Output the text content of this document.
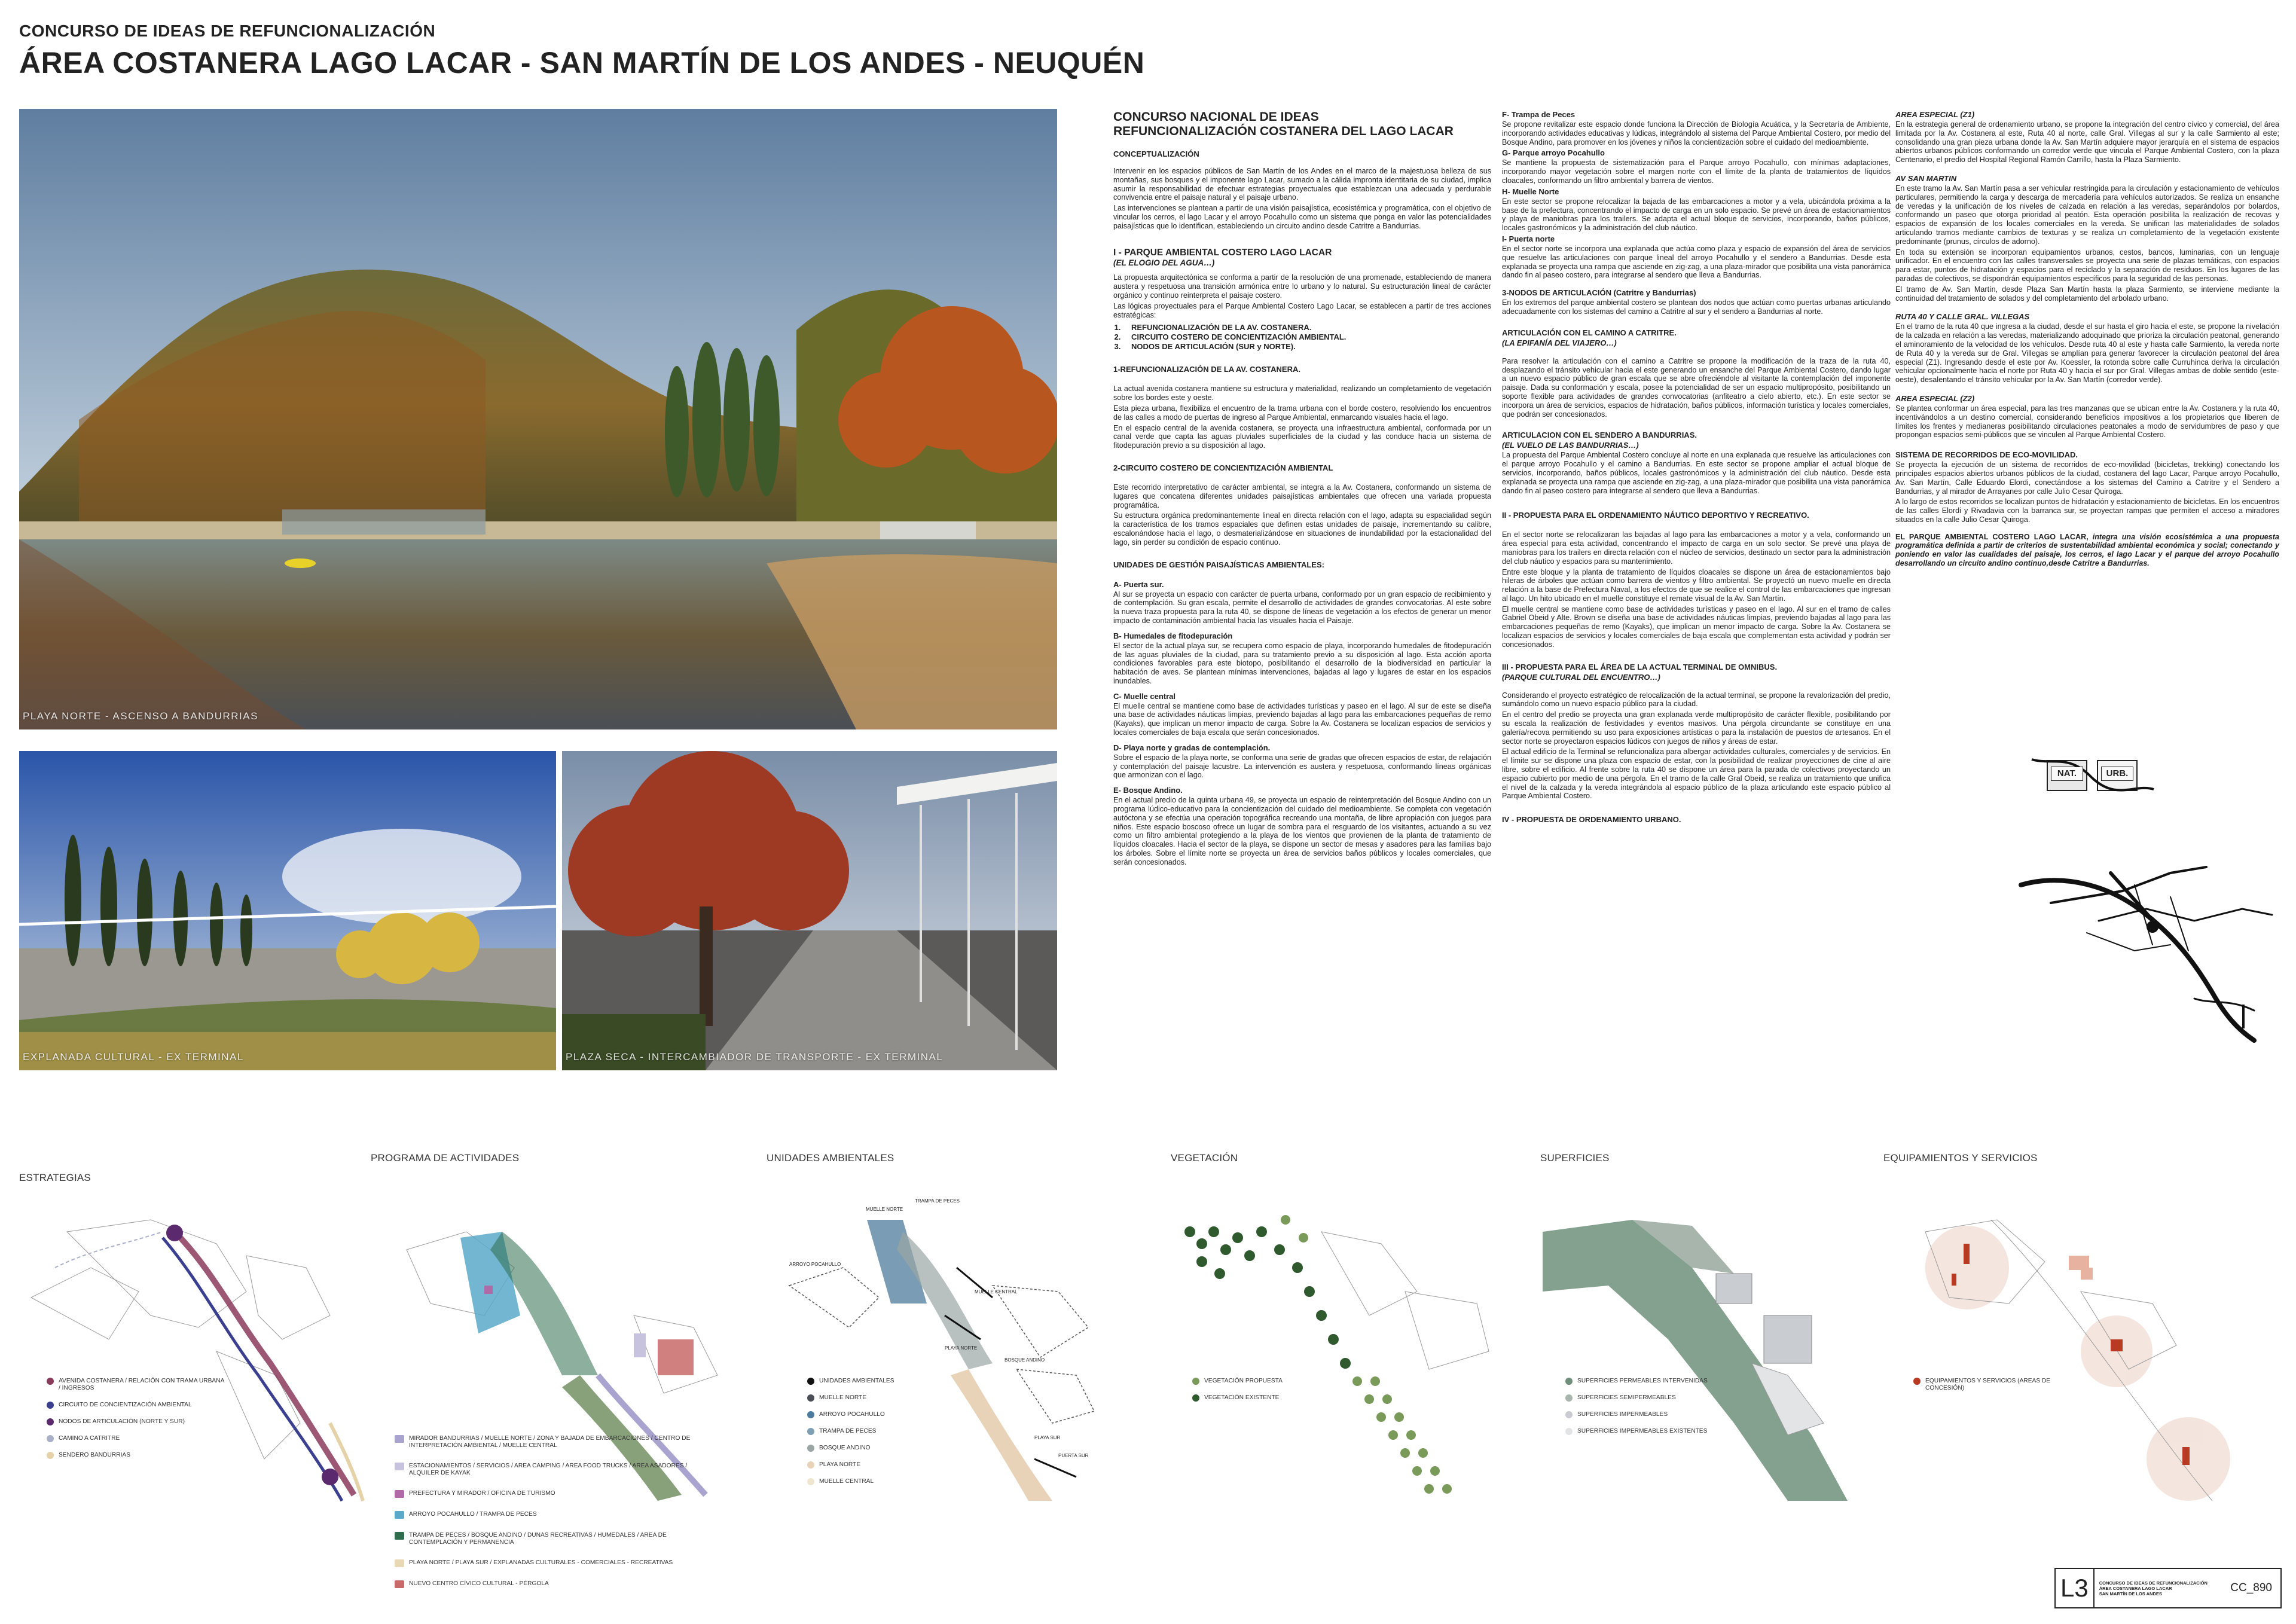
CONCURSO DE IDEAS DE REFUNCIONALIZACIÓN
ÁREA COSTANERA LAGO LACAR - SAN MARTÍN DE LOS ANDES - NEUQUÉN
PLAYA NORTE - ASCENSO A BANDURRIAS
EXPLANADA CULTURAL - EX TERMINAL	PLAZA SECA - INTERCAMBIADOR DE TRANSPORTE - EX TERMINAL
CONCURSO NACIONAL DE IDEAS
REFUNCIONALIZACIÓN COSTANERA DEL LAGO LACAR
CONCEPTUALIZACIÓN

Intervenir en los espacios públicos de San Martín de los Andes en el marco de la majestuosa belleza de sus montañas, sus bosques y el imponente lago Lacar, sumado a la cálida impronta identitaria de su ciudad, implica asumir la responsabilidad de efectuar estrategias proyectuales que establezcan una adecuada y perdurable convivencia entre el paisaje natural y el paisaje urbano.

Las intervenciones se plantean a partir de una visión paisajística, ecosistémica y programática, con el objetivo de vincular los cerros, el lago Lacar y el arroyo Pocahullo como un sistema que ponga en valor las potencialidades paisajísticas que lo identifican, estableciendo un circuito andino desde Catritre a Bandurrias.

I - PARQUE AMBIENTAL COSTERO LAGO LACAR
(EL ELOGIO DEL AGUA…)

La propuesta arquitectónica se conforma a partir de la resolución de una promenade, estableciendo de manera austera y respetuosa una transición armónica entre lo urbano y lo natural. Su estructuración lineal de carácter orgánico y continuo reinterpreta el paisaje costero.

Las lógicas proyectuales para el Parque Ambiental Costero Lago Lacar, se establecen a partir de tres acciones estratégicas:

1. REFUNCIONALIZACIÓN DE LA AV. COSTANERA.
2. CIRCUITO COSTERO DE CONCIENTIZACIÓN AMBIENTAL.
3. NODOS DE ARTICULACIÓN (SUR y NORTE).
1-REFUNCIONALIZACIÓN DE LA AV. COSTANERA.

La actual avenida costanera mantiene su estructura y materialidad, realizando un completamiento de vegetación sobre los bordes este y oeste.

Esta pieza urbana, flexibiliza el encuentro de la trama urbana con el borde costero, resolviendo los encuentros de las calles a modo de puertas de ingreso al Parque Ambiental, enmarcando visuales hacia el lago.

En el espacio central de la avenida costanera, se proyecta una infraestructura ambiental, conformada por un canal verde que capta las aguas pluviales superficiales de la ciudad y las conduce hacia un sistema de fitodepuración previo a su disposición al lago.

2-CIRCUITO COSTERO DE CONCIENTIZACIÓN AMBIENTAL

Este recorrido interpretativo de carácter ambiental, se integra a la Av. Costanera, conformando un sistema de lugares que concatena diferentes unidades paisajísticas ambientales que ofrecen una variada propuesta programática.

Su estructura orgánica predominantemente lineal en directa relación con el lago, adapta su espacialidad según la característica de los tramos espaciales que definen estas unidades de paisaje, incrementando su calibre, escalonándose hacia el lago, o desmaterializándose en situaciones de inundabilidad por la estacionalidad del lago, sin perder su condición de espacio continuo.

UNIDADES DE GESTIÓN PAISAJÍSTICAS AMBIENTALES:
A- Puerta sur.

Al sur se proyecta un espacio con carácter de puerta urbana, conformado por un gran espacio de recibimiento y de contemplación. Su gran escala, permite el desarrollo de actividades de grandes convocatorias. Al este sobre la nueva traza propuesta para la ruta 40, se dispone de líneas de vegetación a los efectos de generar un menor impacto de contaminación ambiental hacia las visuales hacia el Paisaje.

B- Humedales de fitodepuración

El sector de la actual playa sur, se recupera como espacio de playa, incorporando humedales de fitodepuración de las aguas pluviales de la ciudad, para su tratamiento previo a su disposición al lago. Esta acción aporta condiciones favorables para este biotopo, posibilitando el desarrollo de la biodiversidad en particular la habitación de aves. Se plantean mínimas intervenciones, bajadas al lago y lugares de estar en los espacios inundables.

C- Muelle central

El muelle central se mantiene como base de actividades turísticas y paseo en el lago. Al sur de este se diseña una base de actividades náuticas limpias, previendo bajadas al lago para las embarcaciones pequeñas de remo (Kayaks), que implican un menor impacto de carga. Sobre la Av. Costanera se localizan espacios de servicios y locales comerciales de baja escala que serán concesionados.

D- Playa norte y gradas de contemplación.

Sobre el espacio de la playa norte, se conforma una serie de gradas que ofrecen espacios de estar, de relajación y contemplación del paisaje lacustre. La intervención es austera y respetuosa, conformando líneas orgánicas que armonizan con el lago.

E- Bosque Andino.

En el actual predio de la quinta urbana 49, se proyecta un espacio de reinterpretación del Bosque Andino con un programa lúdico-educativo para la concientización del cuidado del medioambiente. Se completa con vegetación autóctona y se efectúa una operación topográfica recreando una montaña, de libre apropiación con juegos para niños. Este espacio boscoso ofrece un lugar de sombra para el resguardo de los visitantes, actuando a su vez como un filtro ambiental protegiendo a la playa de los vientos que provienen de la planta de tratamiento de líquidos cloacales. Hacia el sector de la playa, se dispone un sector de mesas y asadores para las familias bajo los árboles. Sobre el límite norte se proyecta un área de servicios baños públicos y locales comerciales, que serán concesionados.

F- Trampa de Peces

Se propone revitalizar este espacio donde funciona la Dirección de Biología Acuática, y la Secretaría de Ambiente, incorporando actividades educativas y lúdicas, integrándolo al sistema del Parque Ambiental Costero, por medio del Bosque Andino, para promover en los jóvenes y niños la concientización sobre el cuidado del medioambiente.

G- Parque arroyo Pocahullo

Se mantiene la propuesta de sistematización para el Parque arroyo Pocahullo, con mínimas adaptaciones, incorporando mayor vegetación sobre el margen norte con el límite de la planta de tratamientos de líquidos cloacales, conformando un filtro ambiental y barrera de vientos.

H- Muelle Norte

En este sector se propone relocalizar la bajada de las embarcaciones a motor y a vela, ubicándola próxima a la base de la prefectura, concentrando el impacto de carga en un solo espacio. Se prevé un área de estacionamientos y playa de maniobras para los trailers. Se adapta el actual bloque de servicios, incorporando, baños públicos, locales gastronómicos y la administración del club náutico.

I- Puerta norte

En el sector norte se incorpora una explanada que actúa como plaza y espacio de expansión del área de servicios que resuelve las articulaciones con parque lineal del arroyo Pocahullo y el sendero a Bandurrias. Desde esta explanada se proyecta una rampa que asciende en zig-zag, a una plaza-mirador que posibilita una vista panorámica dando fin al paseo costero, para integrarse al sendero que lleva a Bandurrias.

3-NODOS DE ARTICULACIÓN (Catritre y Bandurrias)

En los extremos del parque ambiental costero se plantean dos nodos que actúan como puertas urbanas articulando adecuadamente con los sistemas del camino a Catritre al sur y el sendero a Bandurrias al norte.

ARTICULACIÓN CON EL CAMINO A CATRITRE.
(LA EPIFANÍA DEL VIAJERO…)

Para resolver la articulación con el camino a Catritre se propone la modificación de la traza de la ruta 40, desplazando el tránsito vehicular hacia el este generando un ensanche del Parque Ambiental Costero, dando lugar a un nuevo espacio público de gran escala que se abre ofreciéndole al visitante la contemplación del imponente paisaje. Dada su conformación y escala, posee la potencialidad de ser un espacio multipropósito, posibilitando un soporte flexible para actividades de grandes convocatorias (anfiteatro a cielo abierto, etc.). En este sector se incorpora un área de servicios, espacios de hidratación, baños públicos, información turística y locales comerciales, que podrán ser concesionados.

ARTICULACION CON EL SENDERO A BANDURRIAS.
(EL VUELO DE LAS BANDURRIAS…)

La propuesta del Parque Ambiental Costero concluye al norte en una explanada que resuelve las articulaciones con el parque arroyo Pocahullo y el camino a Bandurrias. En este sector se propone ampliar el actual bloque de servicios, incorporando, baños públicos, locales gastronómicos y la administración del club náutico. Desde esta explanada se proyecta una rampa que asciende en zig-zag, a una plaza-mirador que posibilita una vista panorámica dando fin al paseo costero para integrarse al sendero que lleva a Bandurrias.

II - PROPUESTA PARA EL ORDENAMIENTO NÁUTICO DEPORTIVO Y RECREATIVO.

En el sector norte se relocalizaran las bajadas al lago para las embarcaciones a motor y a vela, conformando un área especial para esta actividad, concentrando el impacto de carga en un solo sector. Se prevé una playa de maniobras para los trailers en directa relación con el núcleo de servicios, destinado un sector para la administración del club náutico y espacios para su mantenimiento.

Entre este bloque y la planta de tratamiento de líquidos cloacales se dispone un área de estacionamientos bajo hileras de árboles que actúan como barrera de vientos y filtro ambiental. Se proyectó un nuevo muelle en directa relación a la base de Prefectura Naval, a los efectos de que se realice el control de las embarcaciones que ingresan al lago. Un hito ubicado en el muelle constituye el remate visual de la Av. San Martín.

El muelle central se mantiene como base de actividades turísticas y paseo en el lago. Al sur en el tramo de calles Gabriel Obeid y Alte. Brown se diseña una base de actividades náuticas limpias, previendo bajadas al lago para las embarcaciones pequeñas de remo (Kayaks), que implican un menor impacto de carga. Sobre la Av. Costanera se localizan espacios de servicios y locales comerciales de baja escala que complementan esta actividad y podrán ser concesionados.

III - PROPUESTA PARA EL ÁREA DE LA ACTUAL TERMINAL DE OMNIBUS.
(PARQUE CULTURAL DEL ENCUENTRO…)

Considerando el proyecto estratégico de relocalización de la actual terminal, se propone la revalorización del predio, sumándolo como un nuevo espacio público para la ciudad.

En el centro del predio se proyecta una gran explanada verde multipropósito de carácter flexible, posibilitando por su escala la realización de festividades y eventos masivos. Una pérgola circundante se constituye en una galería/recova permitiendo su uso para exposiciones artísticas o para la instalación de puestos de artesanos. En el sector norte se proyectaron espacios lúdicos con juegos de niños y áreas de estar.

El actual edificio de la Terminal se refuncionaliza para albergar actividades culturales, comerciales y de servicios. En el límite sur se dispone una plaza con espacio de estar, con la posibilidad de realizar proyecciones de cine al aire libre, sobre el edificio. Al frente sobre la ruta 40 se dispone un área para la parada de colectivos proyectando un espacio cubierto por medio de una pérgola. En el tramo de la calle Gral Obeid, se realiza un tratamiento que unifica el nivel de la calzada y la vereda integrándola al espacio público de la plaza articulando este espacio público al Parque Ambiental Costero.

IV - PROPUESTA DE ORDENAMIENTO URBANO.
AREA ESPECIAL (Z1)

En la estrategia general de ordenamiento urbano, se propone la integración del centro cívico y comercial, del área limitada por la Av. Costanera al este, Ruta 40 al norte, calle Gral. Villegas al sur y la calle Sarmiento al este; consolidando una gran pieza urbana donde la Av. San Martín adquiere mayor jerarquía en el sistema de espacios abiertos urbanos públicos conformando un corredor verde que vincula el Parque Ambiental Costero, con la plaza Centenario, el predio del Hospital Regional Ramón Carrillo, hasta la Plaza Sarmiento.

AV SAN MARTIN

En este tramo la Av. San Martín pasa a ser vehicular restringida para la circulación y estacionamiento de vehículos particulares, permitiendo la carga y descarga de mercadería para vehículos autorizados. Se realiza un ensanche de veredas y la unificación de los niveles de calzada en relación a las veredas, separándolos por bolardos, conformando un paseo que otorga prioridad al peatón. Esta operación posibilita la realización de recovas y espacios de expansión de los locales comerciales en la vereda. Se unifican las materialidades de solados articulando tramos mediante cambios de texturas y se realiza un completamiento de la vegetación existente predominante (prunus, círculos de adorno).

En toda su extensión se incorporan equipamientos urbanos, cestos, bancos, luminarias, con un lenguaje unificador. En el encuentro con las calles transversales se proyecta una serie de plazas temáticas, con espacios para estar, puntos de hidratación y espacios para el reciclado y la separación de residuos. En los lugares de las paradas de colectivos, se dispondrán equipamientos específicos para la seguridad de las personas.

El tramo de Av. San Martín, desde Plaza San Martín hasta la plaza Sarmiento, se interviene mediante la continuidad del tratamiento de solados y del completamiento del arbolado urbano.

RUTA 40 Y CALLE GRAL. VILLEGAS

En el tramo de la ruta 40 que ingresa a la ciudad, desde el sur hasta el giro hacia el este, se propone la nivelación de la calzada en relación a las veredas, materializando adoquinado que prioriza la circulación peatonal, generando el aminoramiento de la velocidad de los vehículos. Desde ruta 40 al este y hasta calle Sarmiento, la vereda norte de Ruta 40 y la vereda sur de Gral. Villegas se amplían para generar favorecer la circulación peatonal del área especial (Z1). Ingresando desde el este por Av. Koessler, la rotonda sobre calle Curruhinca deriva la circulación vehicular opcionalmente hacia el norte por Ruta 40 y hacia el sur por Gral. Villegas ambas de doble sentido (este-oeste), desalentando el tránsito vehicular por la Av. San Martín (corredor verde).

AREA ESPECIAL (Z2)

Se plantea conformar un área especial, para las tres manzanas que se ubican entre la Av. Costanera y la ruta 40, incentivándolos a un destino comercial, considerando beneficios impositivos a los propietarios que liberen de límites los frentes y medianeras posibilitando circulaciones peatonales a modo de servidumbres de paso y que propongan espacios semi-públicos que se vinculen al Parque Ambiental Costero.

SISTEMA DE RECORRIDOS DE ECO-MOVILIDAD.

Se proyecta la ejecución de un sistema de recorridos de eco-movilidad (bicicletas, trekking) conectando los principales espacios abiertos urbanos públicos de la ciudad, costanera del lago Lacar, Parque arroyo Pocahullo, Av. San Martín, Calle Eduardo Elordi, conectándose a los sistemas del Camino a Catritre y el Sendero a Bandurrias, y al mirador de Arrayanes por calle Julio Cesar Quiroga.

A lo largo de estos recorridos se localizan puntos de hidratación y estacionamiento de bicicletas. En los encuentros de las calles Elordi y Rivadavia con la barranca sur, se proyectan rampas que permiten el acceso a miradores situados en la calle Julio Cesar Quiroga.

EL PARQUE AMBIENTAL COSTERO LAGO LACAR, integra una visión ecosistémica a una propuesta programática definida a partir de criterios de sustentabilidad ambiental económica y social; conectando y poniendo en valor las cualidades del paisaje, los cerros, el lago Lacar y el parque del arroyo Pocahullo desarrollando un circuito andino continuo,desde Catritre a Bandurrias.

NAT.	URB.
ESTRATEGIAS
PROGRAMA DE ACTIVIDADES	UNIDADES AMBIENTALES	VEGETACIÓN	SUPERFICIES	EQUIPAMIENTOS Y SERVICIOS
AVENIDA COSTANERA / RELACIÓN CON TRAMA URBANA / INGRESOS
CIRCUITO DE CONCIENTIZACIÓN AMBIENTAL
NODOS DE ARTICULACIÓN (NORTE Y SUR)
CAMINO A CATRITRE
SENDERO BANDURRIAS
MIRADOR BANDURRIAS / MUELLE NORTE / ZONA Y BAJADA DE EMBARCACIONES / CENTRO DE INTERPRETACIÓN AMBIENTAL / MUELLE CENTRAL
ESTACIONAMIENTOS / SERVICIOS / AREA CAMPING / AREA FOOD TRUCKS / AREA ASADORES / ALQUILER DE KAYAK
PREFECTURA Y MIRADOR / OFICINA DE TURISMO
ARROYO POCAHULLO / TRAMPA DE PECES
TRAMPA DE PECES / BOSQUE ANDINO / DUNAS RECREATIVAS / HUMEDALES / AREA DE CONTEMPLACIÓN Y PERMANENCIA
PLAYA NORTE / PLAYA SUR / EXPLANADAS CULTURALES - COMERCIALES - RECREATIVAS
NUEVO CENTRO CÍVICO CULTURAL - PÉRGOLA
MUELLE NORTE
TRAMPA DE PECES
ARROYO POCAHULLO
MUELLE CENTRAL
PLAYA NORTE
BOSQUE ANDINO
PLAYA SUR
PUERTA SUR
UNIDADES AMBIENTALES
MUELLE NORTE
ARROYO POCAHULLO
TRAMPA DE PECES
BOSQUE ANDINO
PLAYA NORTE
MUELLE CENTRAL
VEGETACIÓN PROPUESTA
VEGETACIÓN EXISTENTE
SUPERFICIES PERMEABLES INTERVENIDAS
SUPERFICIES SEMIPERMEABLES
SUPERFICIES IMPERMEABLES
SUPERFICIES IMPERMEABLES EXISTENTES
EQUIPAMIENTOS Y SERVICIOS (AREAS DE CONCESIÓN)
L3	CONCURSO DE IDEAS DE REFUNCIONALIZACIÓN
ÁREA COSTANERA LAGO LACAR
SAN MARTÍN DE LOS ANDES	CC_890
